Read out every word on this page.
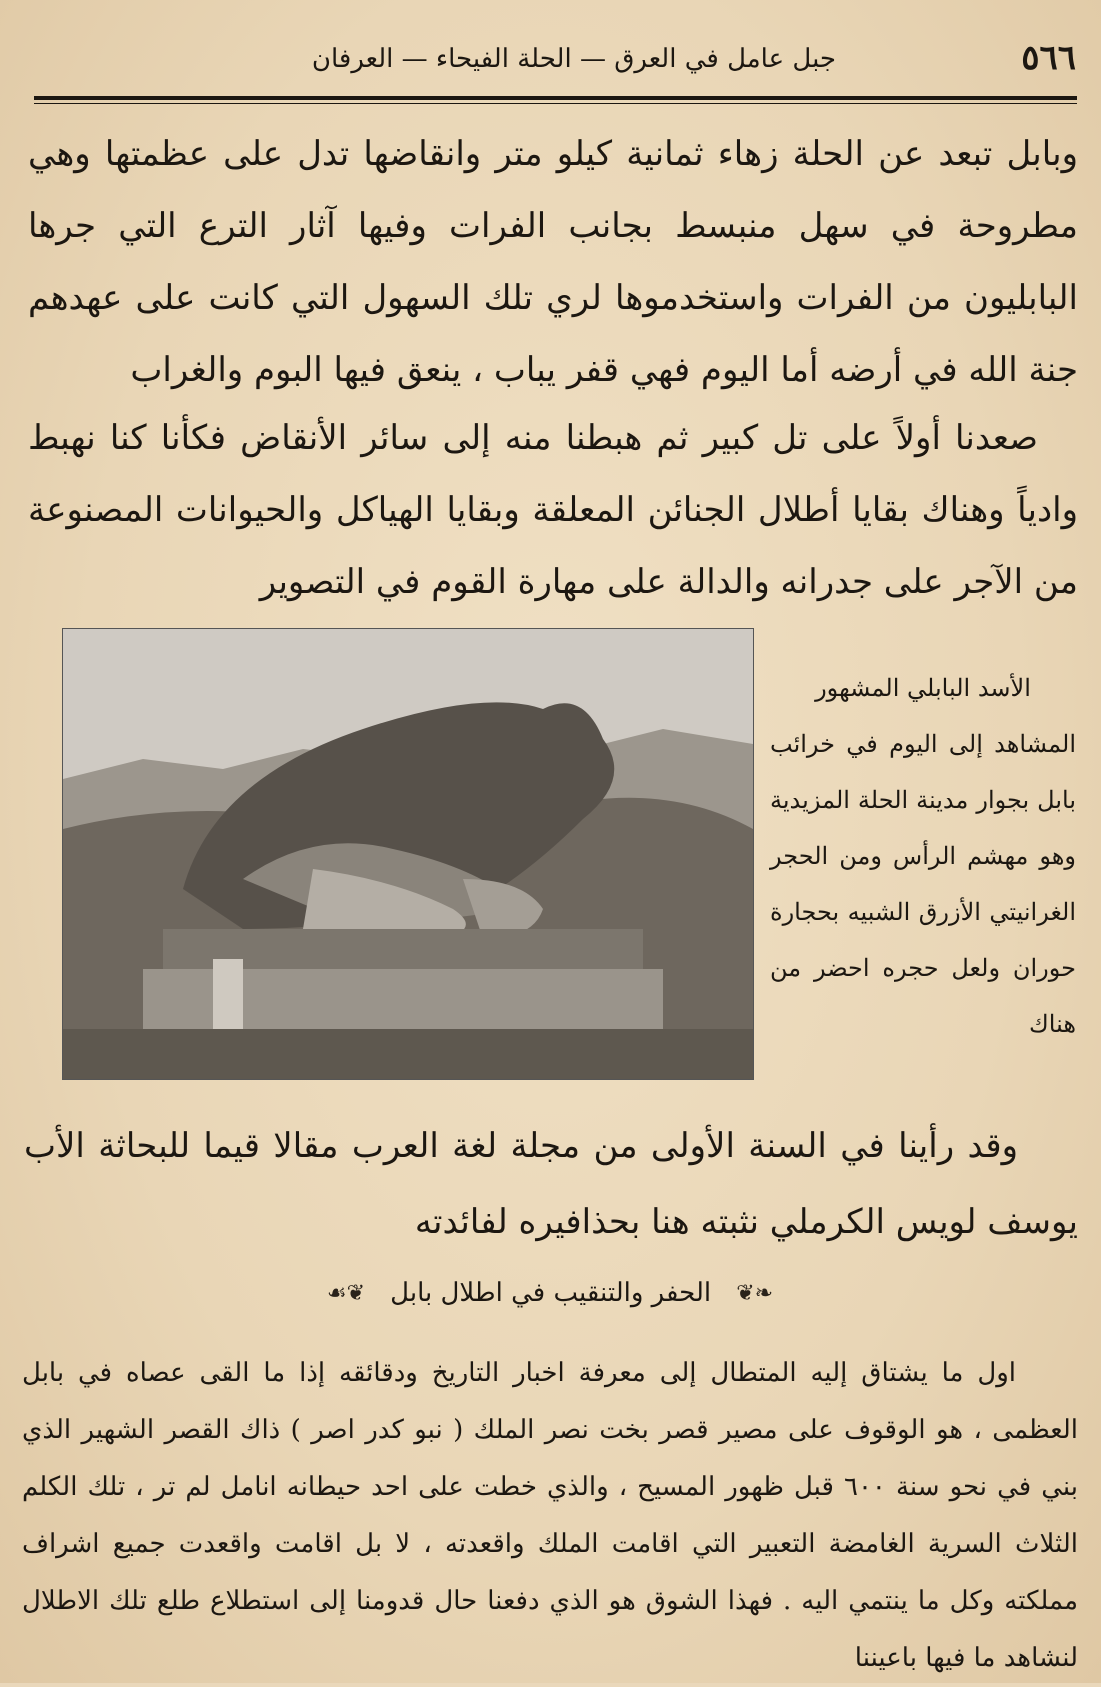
٥٦٦
جبل عامل في العرق — الحلة الفيحاء — العرفان
وبابل تبعد عن الحلة زهاء ثمانية كيلو متر وانقاضها تدل على عظمتها وهي مطروحة في سهل منبسط بجانب الفرات وفيها آثار الترع التي جرها البابليون من الفرات واستخدموها لري تلك السهول التي كانت على عهدهم جنة الله في أرضه أما اليوم فهي قفر يباب ، ينعق فيها البوم والغراب
صعدنا أولاً على تل كبير ثم هبطنا منه إلى سائر الأنقاض فكأنا كنا نهبط وادياً وهناك بقايا أطلال الجنائن المعلقة وبقايا الهياكل والحيوانات المصنوعة من الآجر على جدرانه والدالة على مهارة القوم في التصوير
الأسد البابلي المشهور
المشاهد إلى اليوم في خرائب بابل بجوار مدينة الحلة المزيدية وهو مهشم الرأس ومن الحجر الغرانيتي الأزرق الشبيه بحجارة حوران ولعل حجره احضر من هناك
وقد رأينا في السنة الأولى من مجلة لغة العرب مقالا قيما للبحاثة الأب يوسف لويس الكرملي نثبته هنا بحذافيره لفائدته
❧❦ الحفر والتنقيب في اطلال بابل ❦☙
اول ما يشتاق إليه المتطال إلى معرفة اخبار التاريخ ودقائقه إذا ما القى عصاه في بابل العظمى ، هو الوقوف على مصير قصر بخت نصر الملك ( نبو كدر اصر ) ذاك القصر الشهير الذي بني في نحو سنة ٦٠٠ قبل ظهور المسيح ، والذي خطت على احد حيطانه انامل لم تر ، تلك الكلم الثلاث السرية الغامضة التعبير التي اقامت الملك واقعدته ، لا بل اقامت واقعدت جميع اشراف مملكته وكل ما ينتمي اليه . فهذا الشوق هو الذي دفعنا حال قدومنا إلى استطلاع طلع تلك الاطلال لنشاهد ما فيها باعيننا
